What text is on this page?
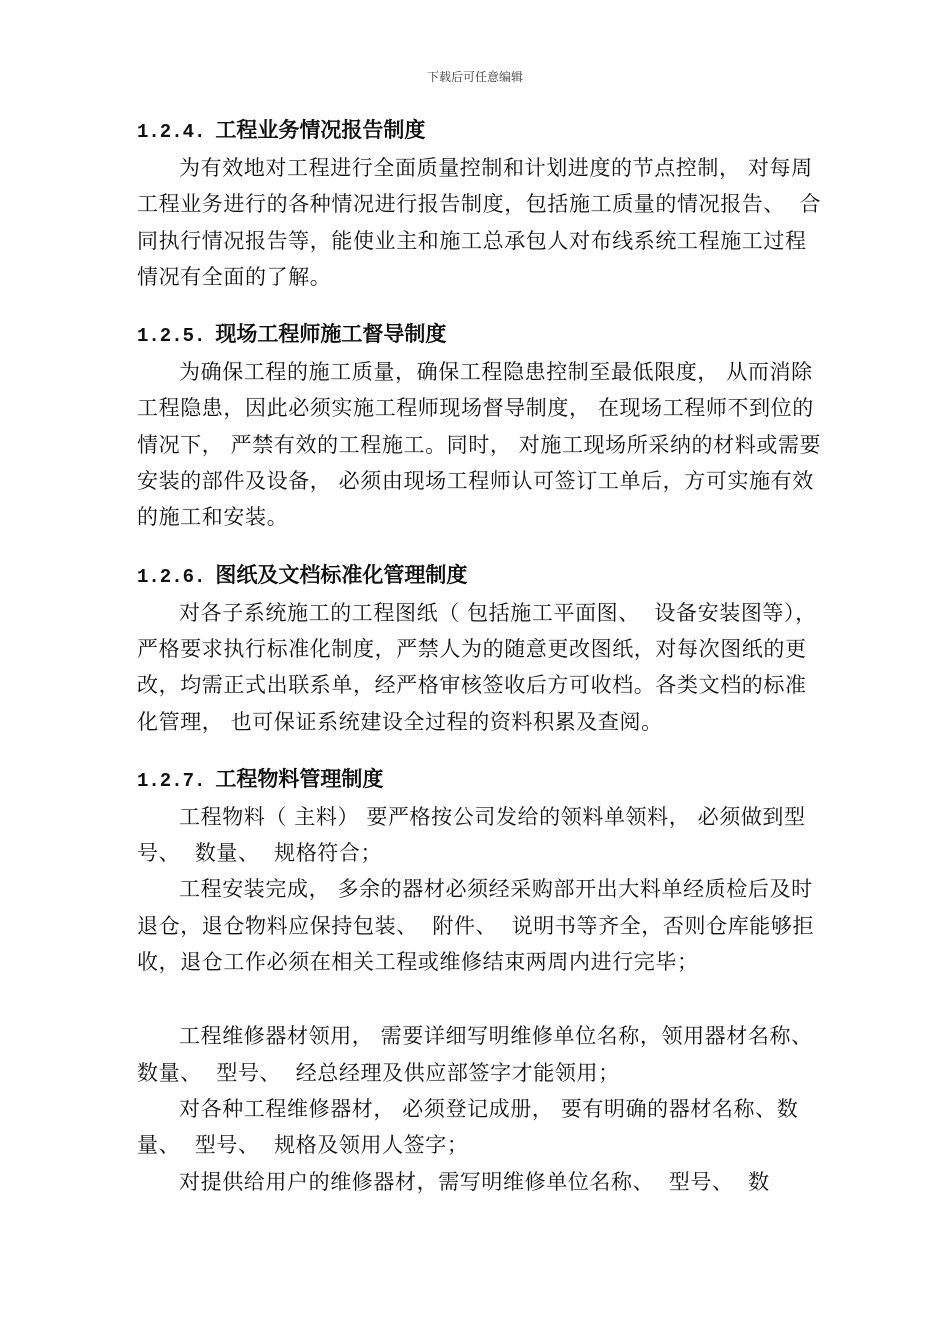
下载后可任意编辑
1.2.4. 工程业务情况报告制度

为有效地对工程进行全面质量控制和计划进度的节点控制， 对每周工程业务进行的各种情况进行报告制度，包括施工质量的情况报告、  合同执行情况报告等，能使业主和施工总承包人对布线系统工程施工过程情况有全面的了解。

1.2.5. 现场工程师施工督导制度

为确保工程的施工质量，确保工程隐患控制至最低限度， 从而消除工程隐患，因此必须实施工程师现场督导制度， 在现场工程师不到位的情况下， 严禁有效的工程施工。同时， 对施工现场所采纳的材料或需要安装的部件及设备， 必须由现场工程师认可签订工单后，方可实施有效的施工和安装。

1.2.6. 图纸及文档标准化管理制度

对各子系统施工的工程图纸（ 包括施工平面图、  设备安装图等），严格要求执行标准化制度，严禁人为的随意更改图纸，对每次图纸的更改，均需正式出联系单，经严格审核签收后方可收档。各类文档的标准化管理， 也可保证系统建设全过程的资料积累及查阅。

1.2.7. 工程物料管理制度

工程物料（ 主料） 要严格按公司发给的领料单领料， 必须做到型号、  数量、  规格符合；

工程安装完成， 多余的器材必须经采购部开出大料单经质检后及时退仓，退仓物料应保持包装、  附件、  说明书等齐全，否则仓库能够拒收，退仓工作必须在相关工程或维修结束两周内进行完毕；

工程维修器材领用， 需要详细写明维修单位名称，领用器材名称、  数量、  型号、  经总经理及供应部签字才能领用；

对各种工程维修器材， 必须登记成册， 要有明确的器材名称、数量、  型号、  规格及领用人签字；

对提供给用户的维修器材，需写明维修单位名称、  型号、  数
